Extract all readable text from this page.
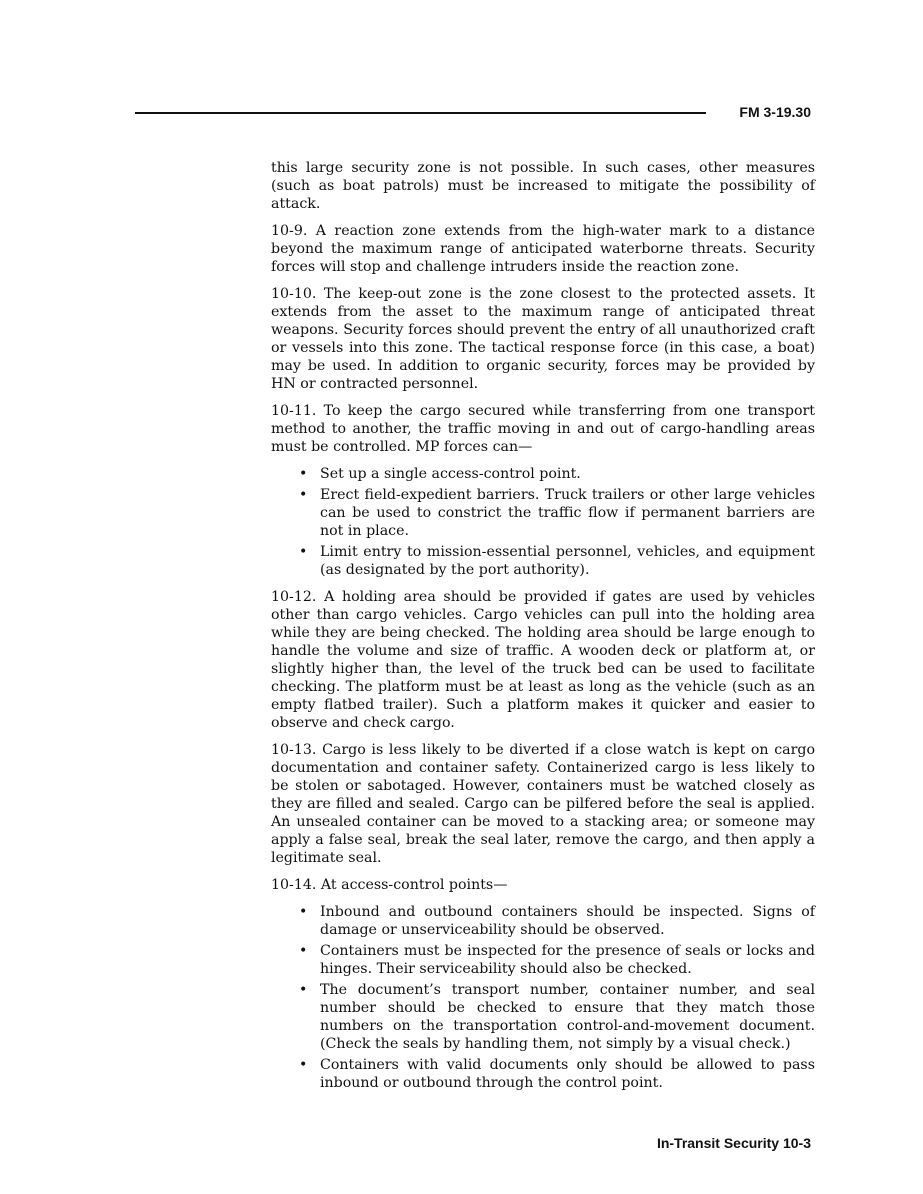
FM 3-19.30

this large security zone is not possible. In such cases, other measures (such as boat patrols) must be increased to mitigate the possibility of attack.

10-9. A reaction zone extends from the high-water mark to a distance beyond the maximum range of anticipated waterborne threats. Security forces will stop and challenge intruders inside the reaction zone.

10-10. The keep-out zone is the zone closest to the protected assets. It extends from the asset to the maximum range of anticipated threat weapons. Security forces should prevent the entry of all unauthorized craft or vessels into this zone. The tactical response force (in this case, a boat) may be used. In addition to organic security, forces may be provided by HN or contracted personnel.

10-11. To keep the cargo secured while transferring from one transport method to another, the traffic moving in and out of cargo-handling areas must be controlled. MP forces can—

• Set up a single access-control point.
• Erect field-expedient barriers. Truck trailers or other large vehicles can be used to constrict the traffic flow if permanent barriers are not in place.
• Limit entry to mission-essential personnel, vehicles, and equipment (as designated by the port authority).

10-12. A holding area should be provided if gates are used by vehicles other than cargo vehicles. Cargo vehicles can pull into the holding area while they are being checked. The holding area should be large enough to handle the volume and size of traffic. A wooden deck or platform at, or slightly higher than, the level of the truck bed can be used to facilitate checking. The platform must be at least as long as the vehicle (such as an empty flatbed trailer). Such a platform makes it quicker and easier to observe and check cargo.

10-13. Cargo is less likely to be diverted if a close watch is kept on cargo documentation and container safety. Containerized cargo is less likely to be stolen or sabotaged. However, containers must be watched closely as they are filled and sealed. Cargo can be pilfered before the seal is applied. An unsealed container can be moved to a stacking area; or someone may apply a false seal, break the seal later, remove the cargo, and then apply a legitimate seal.

10-14. At access-control points—

• Inbound and outbound containers should be inspected. Signs of damage or unserviceability should be observed.
• Containers must be inspected for the presence of seals or locks and hinges. Their serviceability should also be checked.
• The document’s transport number, container number, and seal number should be checked to ensure that they match those numbers on the transportation control-and-movement document. (Check the seals by handling them, not simply by a visual check.)
• Containers with valid documents only should be allowed to pass inbound or outbound through the control point.
In-Transit Security 10-3
